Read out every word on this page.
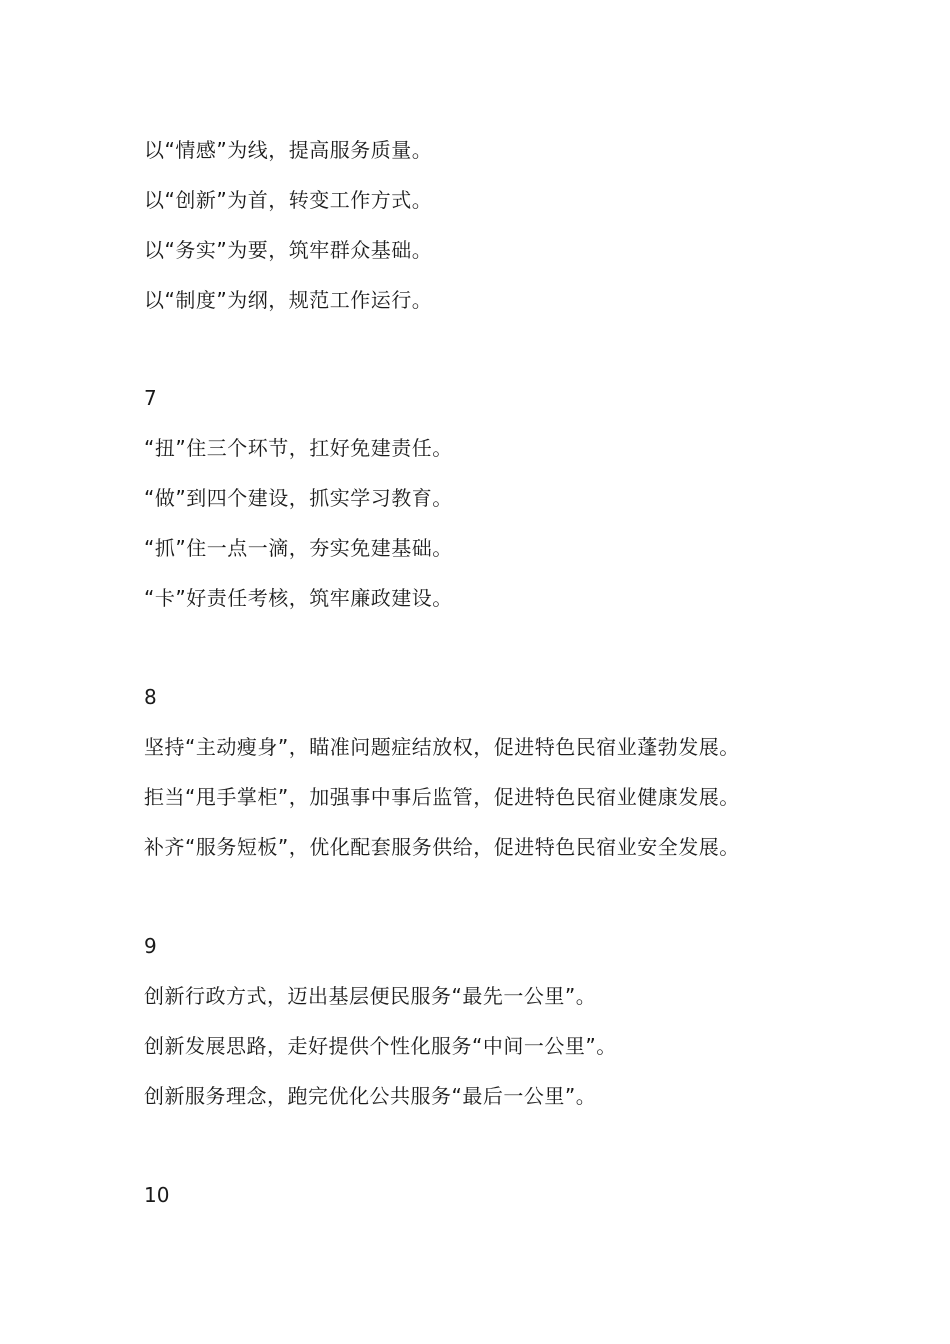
以“情感”为线，提高服务质量。
以“创新”为首，转变工作方式。
以“务实”为要，筑牢群众基础。
以“制度”为纲，规范工作运行。
7
“扭”住三个环节，扛好免建责任。
“做”到四个建设，抓实学习教育。
“抓”住一点一滴，夯实免建基础。
“卡”好责任考核，筑牢廉政建设。
8
坚持“主动瘦身”，瞄准问题症结放权，促进特色民宿业蓬勃发展。
拒当“甩手掌柜”，加强事中事后监管，促进特色民宿业健康发展。
补齐“服务短板”，优化配套服务供给，促进特色民宿业安全发展。
9
创新行政方式，迈出基层便民服务“最先一公里”。
创新发展思路，走好提供个性化服务“中间一公里”。
创新服务理念，跑完优化公共服务“最后一公里”。
10
